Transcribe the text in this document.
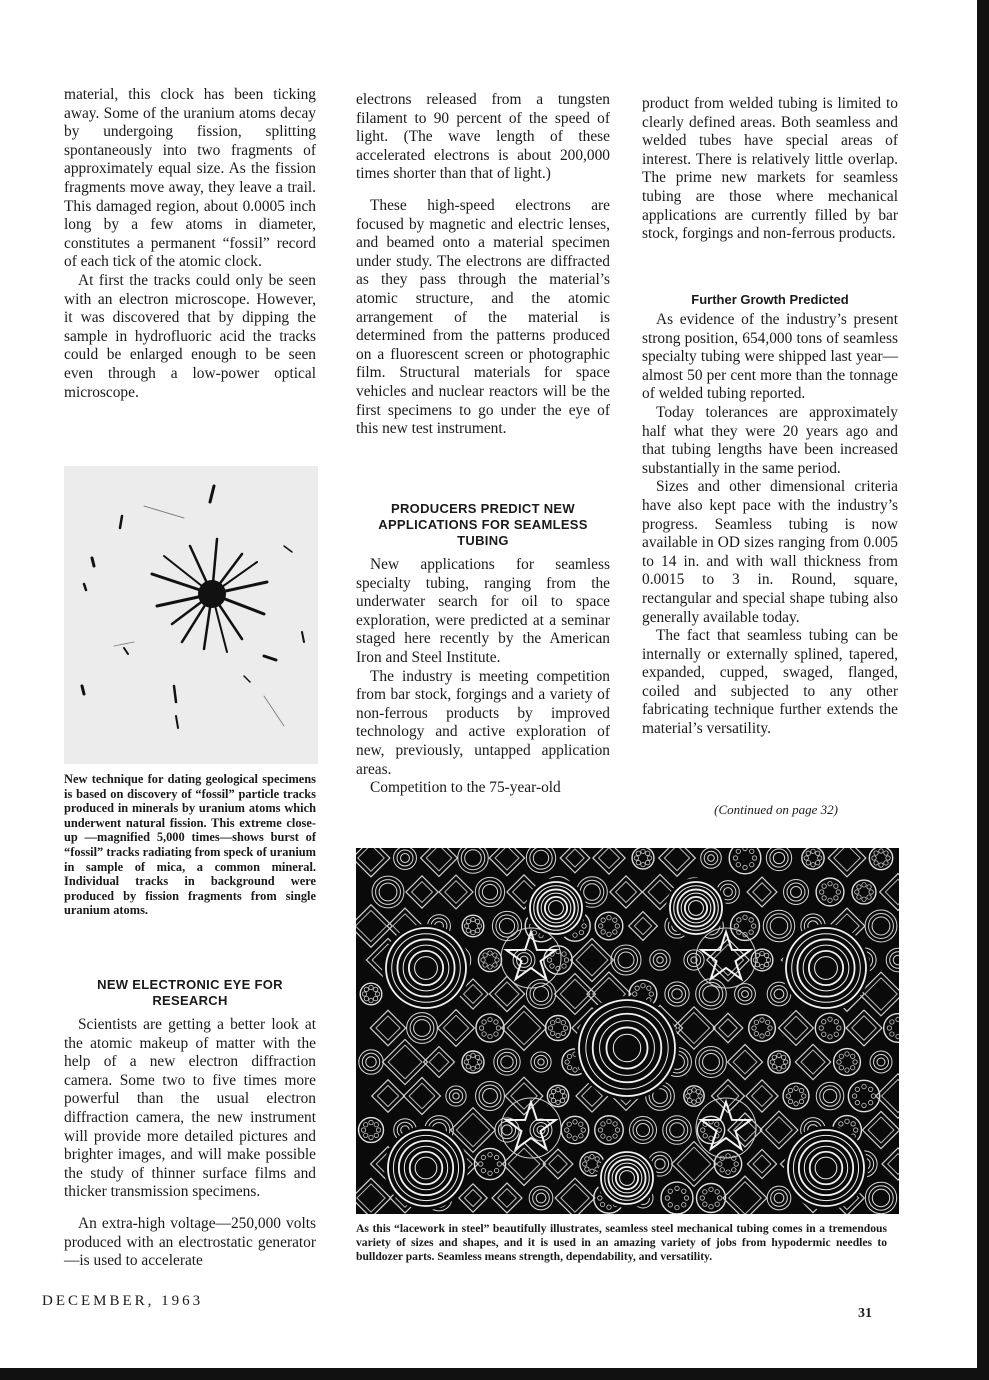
material, this clock has been ticking away. Some of the uranium atoms decay by undergoing fission, splitting spontaneously into two fragments of approximately equal size. As the fission fragments move away, they leave a trail. This damaged region, about 0.0005 inch long by a few atoms in diameter, constitutes a permanent “fossil” record of each tick of the atomic clock.

At first the tracks could only be seen with an electron microscope. However, it was discovered that by dipping the sample in hydrofluoric acid the tracks could be enlarged enough to be seen even through a low-power optical microscope.

New technique for dating geological specimens is based on discovery of “fossil” particle tracks produced in minerals by uranium atoms which underwent natural fission. This extreme close-up —magnified 5,000 times—shows burst of “fossil” tracks radiating from speck of uranium in sample of mica, a common mineral. Individual tracks in background were produced by fission fragments from single uranium atoms.
NEW ELECTRONIC EYE FOR RESEARCH

Scientists are getting a better look at the atomic makeup of matter with the help of a new electron diffraction camera. Some two to five times more powerful than the usual electron diffraction camera, the new instrument will provide more detailed pictures and brighter images, and will make possible the study of thinner surface films and thicker transmission specimens.

An extra-high voltage—250,000 volts produced with an electrostatic generator—is used to accelerate

electrons released from a tungsten filament to 90 percent of the speed of light. (The wave length of these accelerated electrons is about 200,000 times shorter than that of light.)

These high-speed electrons are focused by magnetic and electric lenses, and beamed onto a material specimen under study. The electrons are diffracted as they pass through the material’s atomic structure, and the atomic arrangement of the material is determined from the patterns produced on a fluorescent screen or photographic film. Structural materials for space vehicles and nuclear reactors will be the first specimens to go under the eye of this new test instrument.

PRODUCERS PREDICT NEW APPLICATIONS FOR SEAMLESS TUBING

New applications for seamless specialty tubing, ranging from the underwater search for oil to space exploration, were predicted at a seminar staged here recently by the American Iron and Steel Institute.

The industry is meeting competition from bar stock, forgings and a variety of non-ferrous products by improved technology and active exploration of new, previously, untapped application areas.

Competition to the 75-year-old

product from welded tubing is limited to clearly defined areas. Both seamless and welded tubes have special areas of interest. There is relatively little overlap. The prime new markets for seamless tubing are those where mechanical applications are currently filled by bar stock, forgings and non-ferrous products.

Further Growth Predicted

As evidence of the industry’s present strong position, 654,000 tons of seamless specialty tubing were shipped last year—almost 50 per cent more than the tonnage of welded tubing reported.

Today tolerances are approximately half what they were 20 years ago and that tubing lengths have been increased substantially in the same period.

Sizes and other dimensional criteria have also kept pace with the industry’s progress. Seamless tubing is now available in OD sizes ranging from 0.005 to 14 in. and with wall thickness from 0.0015 to 3 in. Round, square, rectangular and special shape tubing also generally available today.

The fact that seamless tubing can be internally or externally splined, tapered, expanded, cupped, swaged, flanged, coiled and subjected to any other fabricating technique further extends the material’s versatility.

(Continued on page 32)
As this “lacework in steel” beautifully illustrates, seamless steel mechanical tubing comes in a tremendous variety of sizes and shapes, and it is used in an amazing variety of jobs from hypodermic needles to bulldozer parts. Seamless means strength, dependability, and versatility.
DECEMBER, 1963
31
